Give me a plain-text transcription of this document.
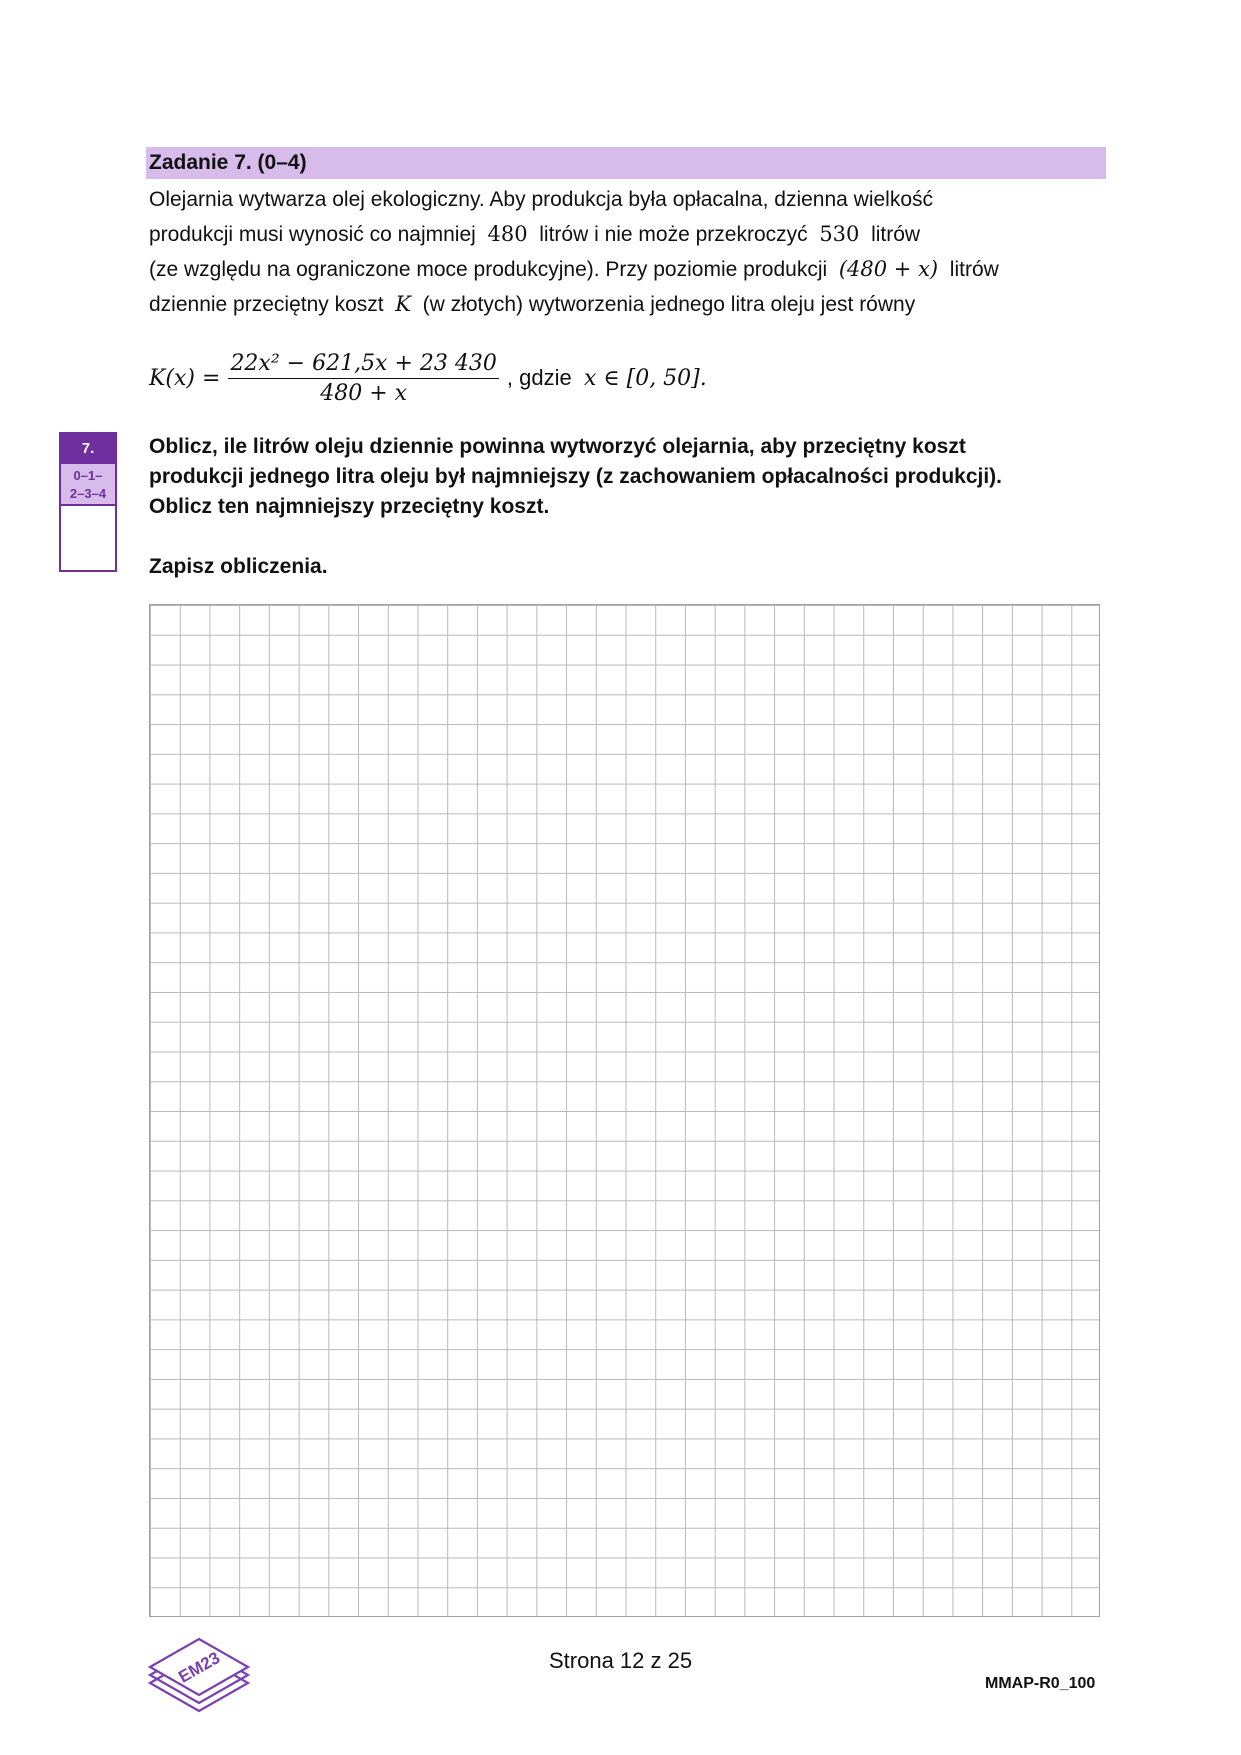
Zadanie 7. (0–4)
Olejarnia wytwarza olej ekologiczny. Aby produkcja była opłacalna, dzienna wielkość
produkcji musi wynosić co najmniej 480 litrów i nie może przekroczyć 530 litrów
(ze względu na ograniczone moce produkcyjne). Przy poziomie produkcji (480 + x) litrów
dziennie przeciętny koszt K (w złotych) wytworzenia jednego litra oleju jest równy
$K(x) = \frac{\text{22x² − 621,5x + 23 430}}{480 + x}$ , gdzie
x ∈ [0, 50].
7.
0–1–
2–3–4
Oblicz, ile litrów oleju dziennie powinna wytworzyć olejarnia, aby przeciętny koszt
produkcji jednego litra oleju był najmniejszy (z zachowaniem opłacalności produkcji).
Oblicz ten najmniejszy przeciętny koszt.
Zapisz obliczenia.
EM23	Strona 12 z 25
MMAP-R0_100
